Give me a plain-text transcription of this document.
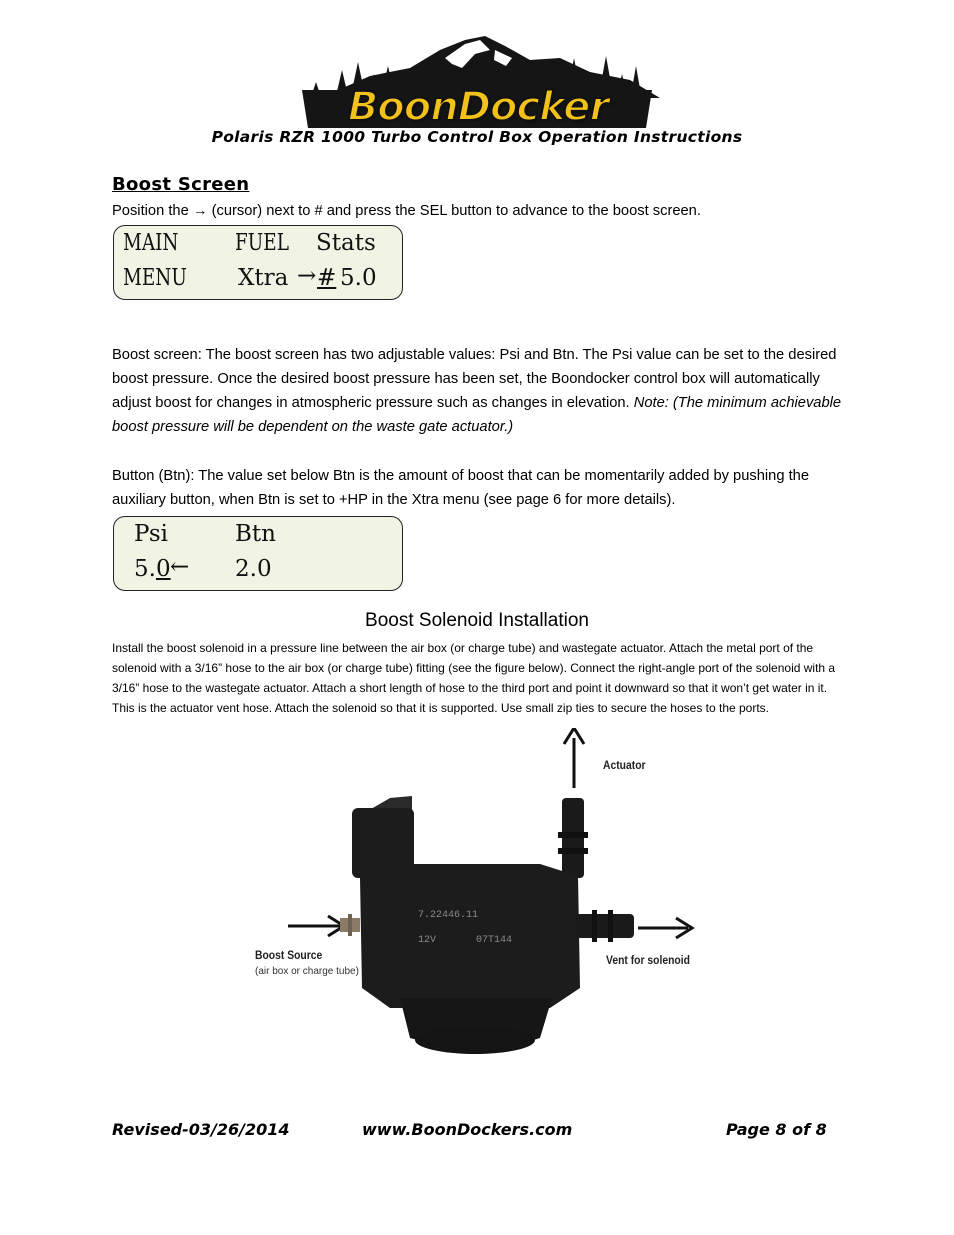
BoonDocker
Polaris RZR 1000 Turbo Control Box Operation Instructions
Boost Screen
Position the → (cursor) next to # and press the SEL button to advance to the boost screen.
MAIN FUEL Stats
MENU Xtra → # 5.0
Boost screen: The boost screen has two adjustable values: Psi and Btn. The Psi value can be set to the desired boost pressure. Once the desired boost pressure has been set, the Boondocker control box will automatically adjust boost for changes in atmospheric pressure such as changes in elevation. Note: (The minimum achievable boost pressure will be dependent on the waste gate actuator.)
Button (Btn): The value set below Btn is the amount of boost that can be momentarily added by pushing the auxiliary button, when Btn is set to +HP in the Xtra menu (see page 6 for more details).
Psi	Btn
5.0 ← 2.0
Boost Solenoid Installation
Install the boost solenoid in a pressure line between the air box (or charge tube) and wastegate actuator. Attach the metal port of the solenoid with a 3/16” hose to the air box (or charge tube) fitting (see the figure below). Connect the right-angle port of the solenoid with a 3/16” hose to the wastegate actuator. Attach a short length of hose to the third port and point it downward so that it won’t get water in it. This is the actuator vent hose. Attach the solenoid so that it is supported. Use small zip ties to secure the hoses to the ports.
7.22446.11
12V	07T144
Actuator
Boost Source
(air box or charge tube)
Vent for solenoid
Revised-03/26/2014	www.BoonDockers.com	Page 8 of 8
